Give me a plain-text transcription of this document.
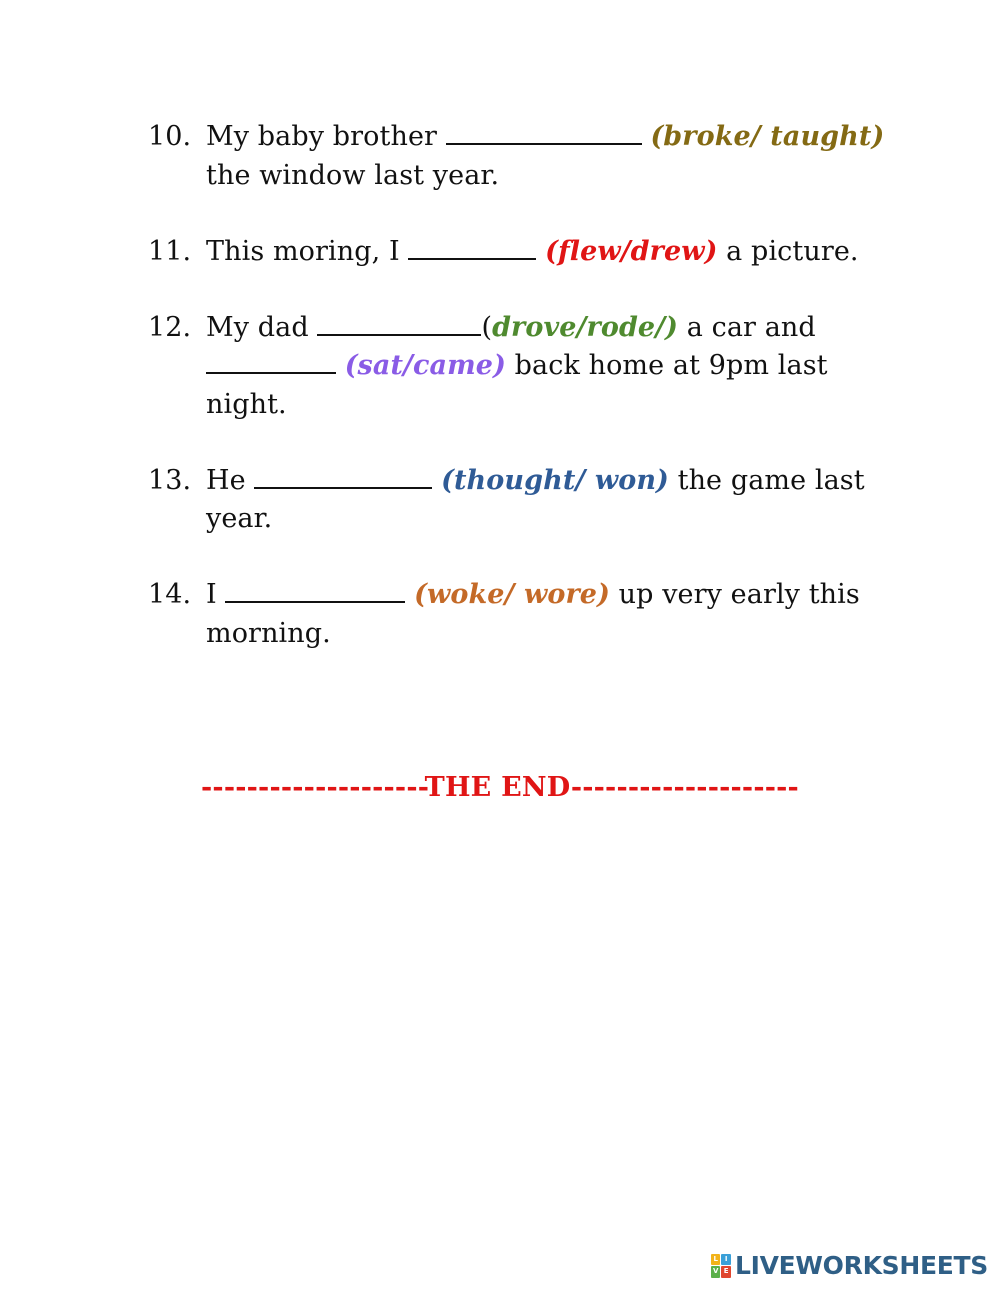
10. My baby brother	(broke/ taught) the window last year.
11. This moring, I	(flew/drew) a picture.
12. My dad	(drove/rode/) a car and  (sat/came) back home at 9pm last night.
13. He	(thought/ won) the game last year.
14. I	(woke/ wore) up very early this morning.
--------------------THE END--------------------
L I
V E LIVEWORKSHEETS
